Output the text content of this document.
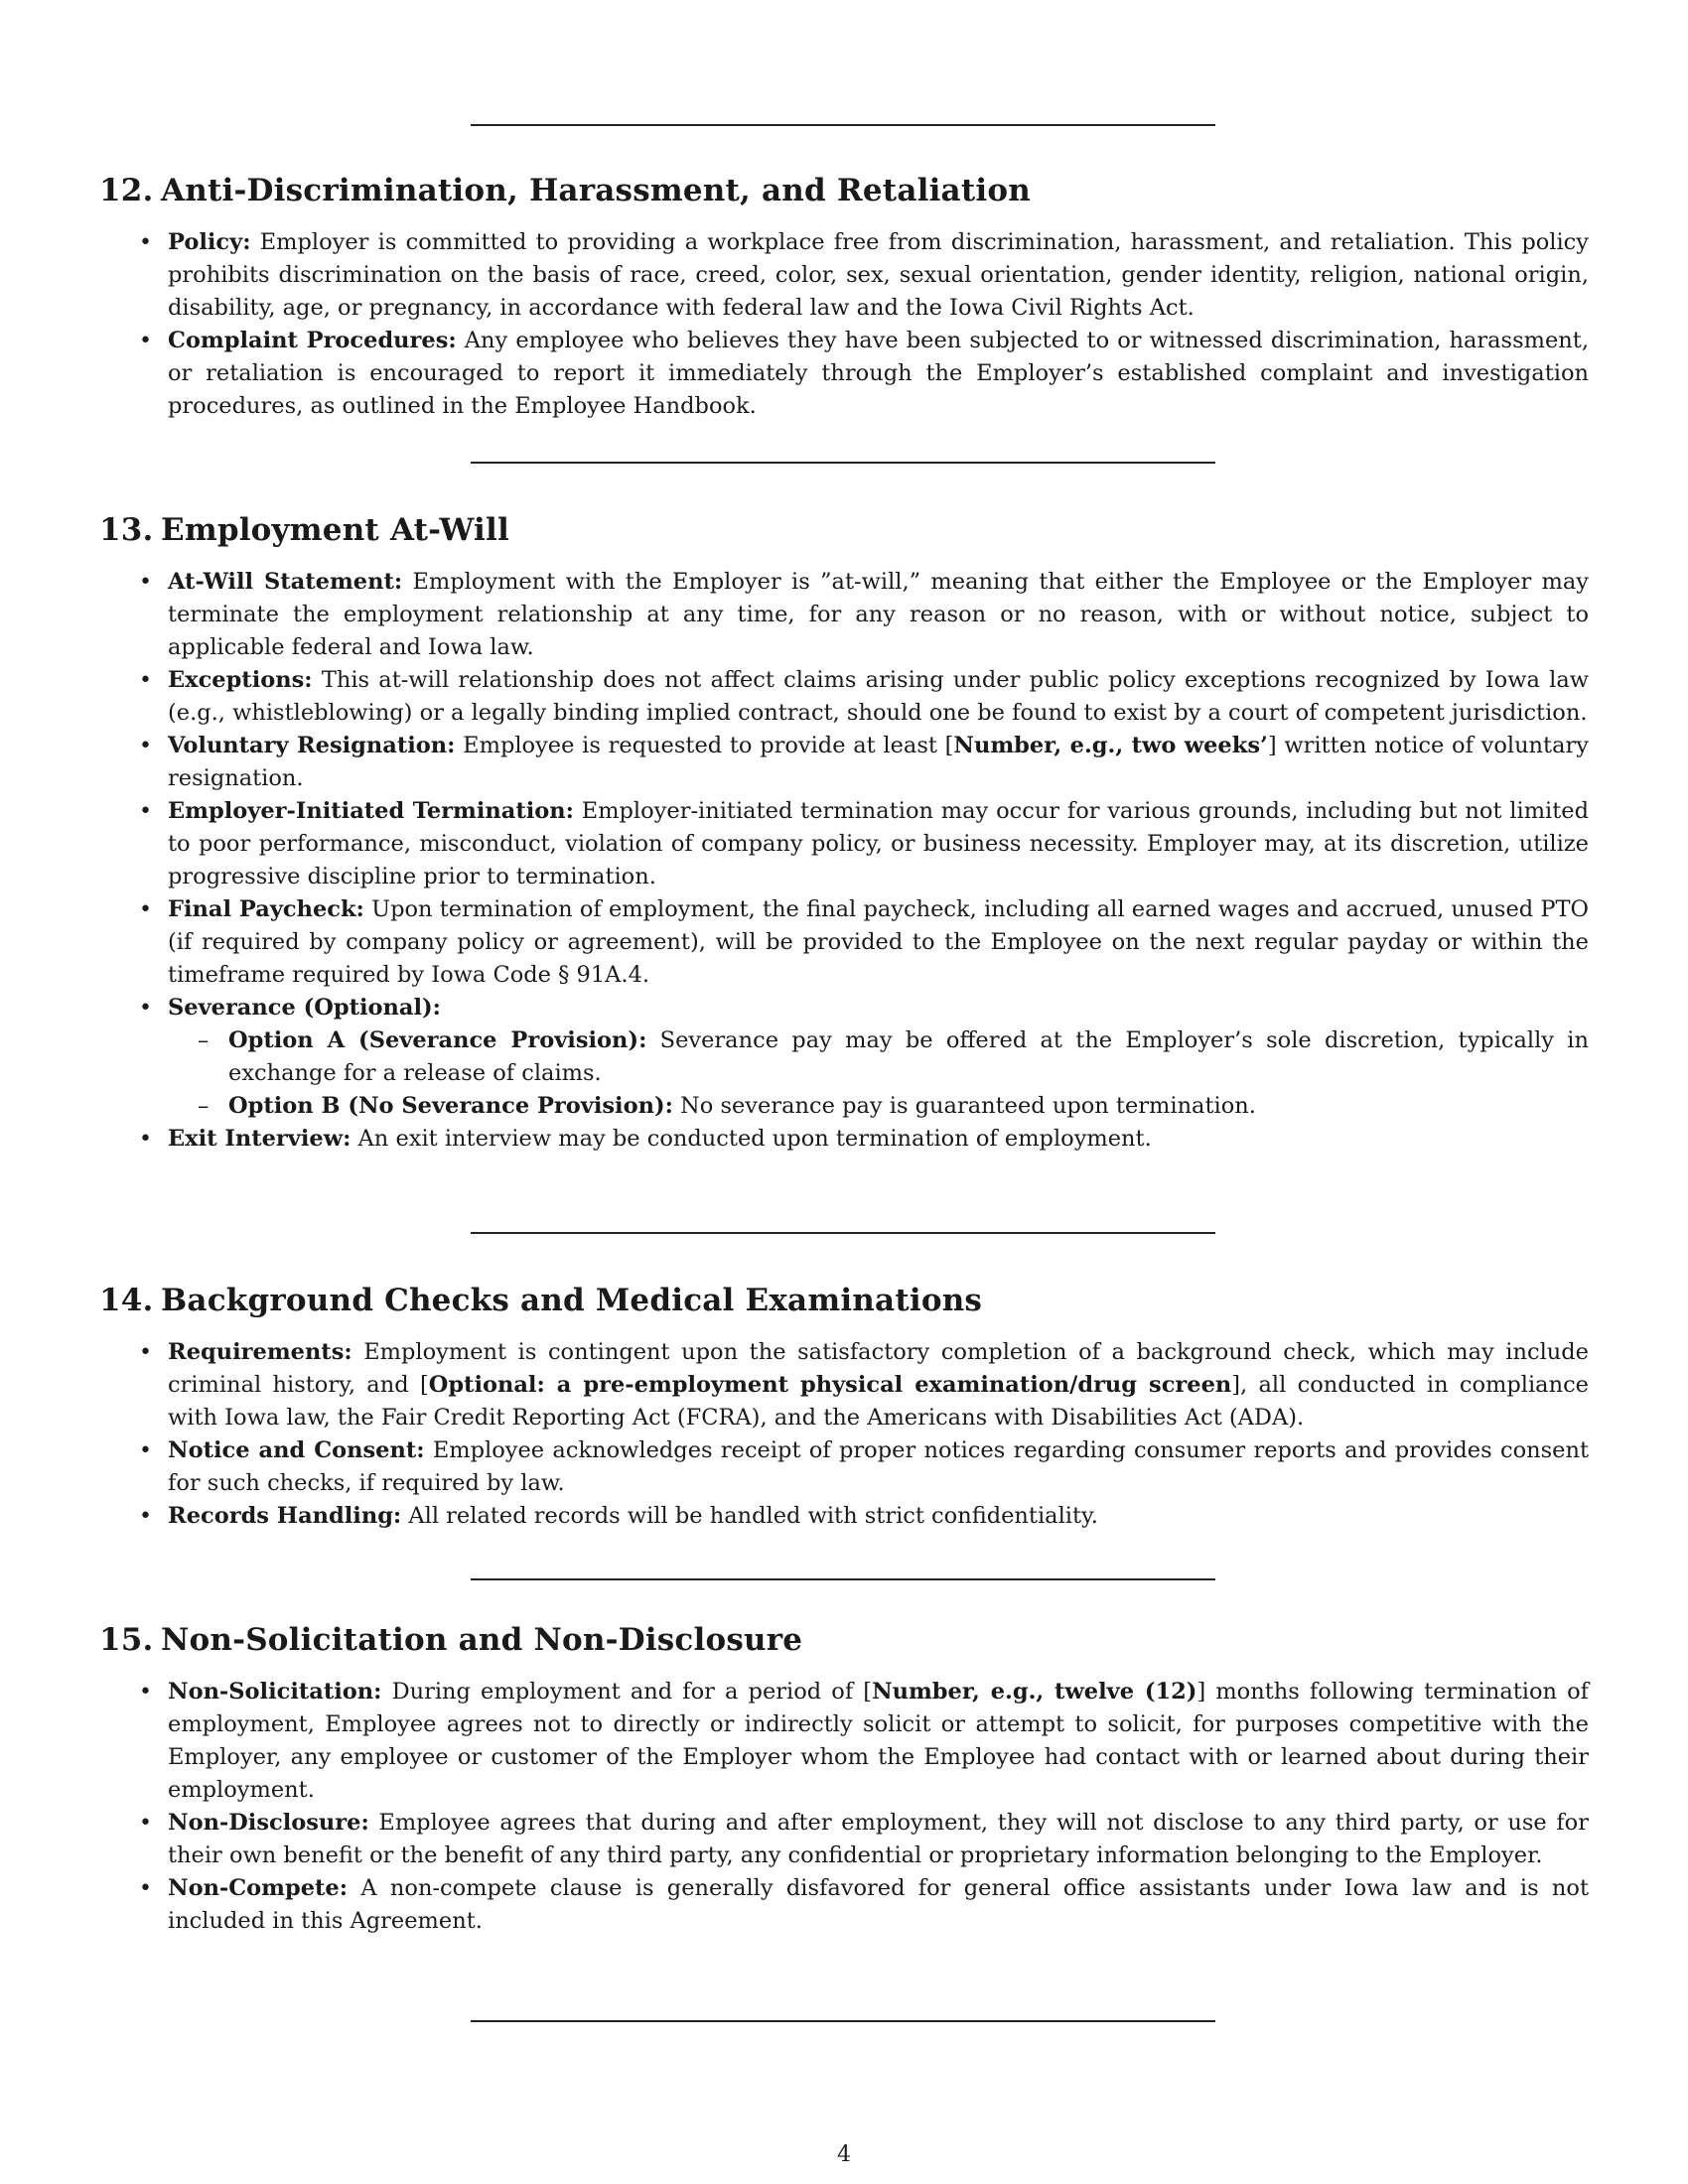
12. Anti-Discrimination, Harassment, and Retaliation
• Policy: Employer is committed to providing a workplace free from discrimination, harassment, and retaliation. This policy prohibits discrimination on the basis of race, creed, color, sex, sexual orientation, gender identity, religion, national origin, disability, age, or pregnancy, in accordance with federal law and the Iowa Civil Rights Act.
• Complaint Procedures: Any employee who believes they have been subjected to or witnessed discrimination, harassment, or retaliation is encouraged to report it immediately through the Employer’s established complaint and investigation procedures, as outlined in the Employee Handbook.
13. Employment At-Will
• At-Will Statement: Employment with the Employer is ”at-will,” meaning that either the Employee or the Employer may terminate the employment relationship at any time, for any reason or no reason, with or without notice, subject to applicable federal and Iowa law.
• Exceptions: This at-will relationship does not affect claims arising under public policy exceptions recognized by Iowa law (e.g., whistleblowing) or a legally binding implied contract, should one be found to exist by a court of competent jurisdiction.
• Voluntary Resignation: Employee is requested to provide at least [Number, e.g., two weeks’] written notice of voluntary resignation.
• Employer-Initiated Termination: Employer-initiated termination may occur for various grounds, including but not limited to poor performance, misconduct, violation of company policy, or business necessity. Employer may, at its discretion, utilize progressive discipline prior to termination.
• Final Paycheck: Upon termination of employment, the final paycheck, including all earned wages and accrued, unused PTO (if required by company policy or agreement), will be provided to the Employee on the next regular payday or within the timeframe required by Iowa Code § 91A.4.
• Severance (Optional):
– Option A (Severance Provision): Severance pay may be offered at the Employer’s sole discretion, typically in exchange for a release of claims.
– Option B (No Severance Provision): No severance pay is guaranteed upon termination.
• Exit Interview: An exit interview may be conducted upon termination of employment.
14. Background Checks and Medical Examinations
• Requirements: Employment is contingent upon the satisfactory completion of a background check, which may include criminal history, and [Optional: a pre-employment physical examination/drug screen], all conducted in compliance with Iowa law, the Fair Credit Reporting Act (FCRA), and the Americans with Disabilities Act (ADA).
• Notice and Consent: Employee acknowledges receipt of proper notices regarding consumer reports and provides consent for such checks, if required by law.
• Records Handling: All related records will be handled with strict confidentiality.
15. Non-Solicitation and Non-Disclosure
• Non-Solicitation: During employment and for a period of [Number, e.g., twelve (12)] months following termination of employment, Employee agrees not to directly or indirectly solicit or attempt to solicit, for purposes competitive with the Employer, any employee or customer of the Employer whom the Employee had contact with or learned about during their employment.
• Non-Disclosure: Employee agrees that during and after employment, they will not disclose to any third party, or use for their own benefit or the benefit of any third party, any confidential or proprietary information belonging to the Employer.
• Non-Compete: A non-compete clause is generally disfavored for general office assistants under Iowa law and is not included in this Agreement.
4
